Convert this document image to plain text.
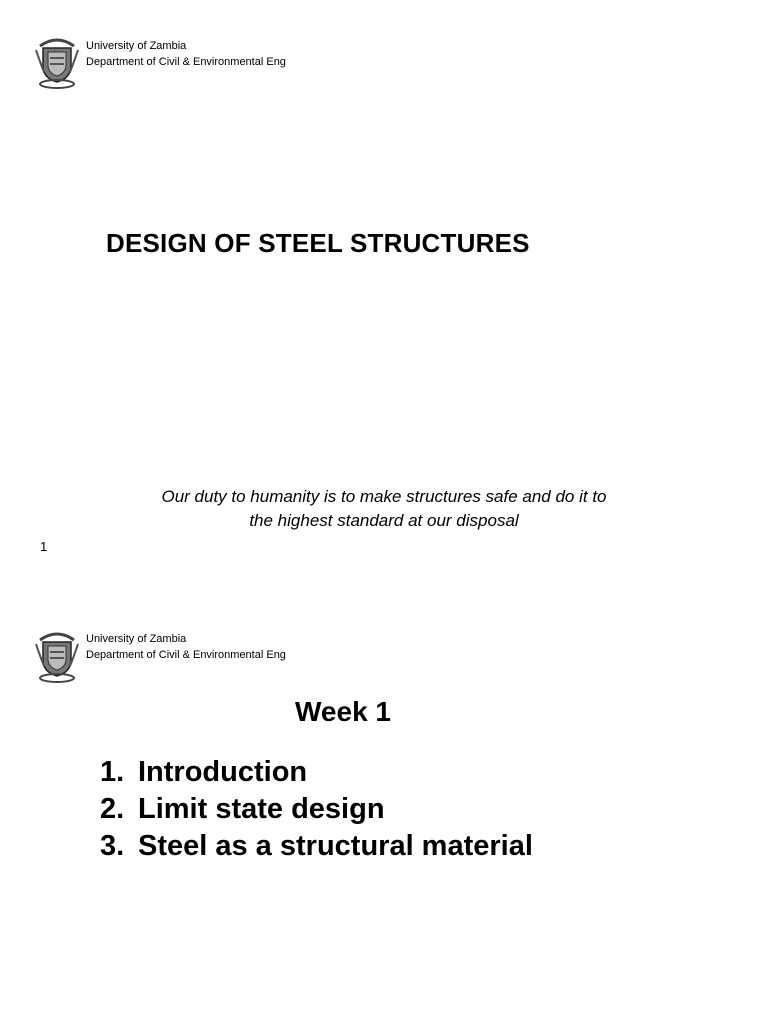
University of Zambia
Department of Civil & Environmental Eng
DESIGN OF STEEL STRUCTURES
Our duty to humanity is to make structures safe and do it to
the highest standard at our disposal
1
University of Zambia
Department of Civil & Environmental Eng
Week 1
1. Introduction
2. Limit state design
3. Steel as a structural material
